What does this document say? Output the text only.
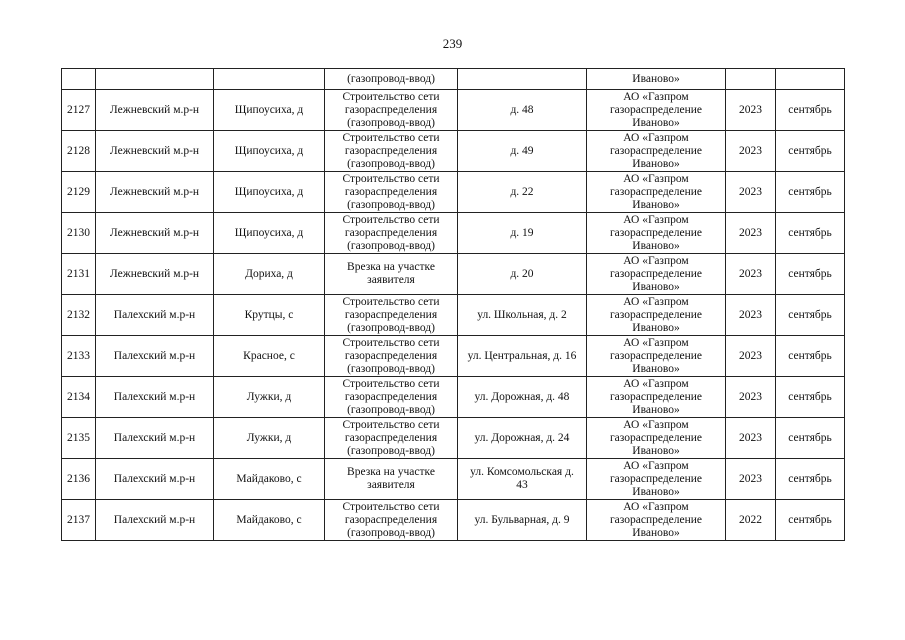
239
			(газопровод-ввод)		Иваново»		
2127	Лежневский м.р-н	Щипоусиха, д	Строительство сети
газораспределения
(газопровод-ввод)	д. 48	АО «Газпром
газораспределение
Иваново»	2023	сентябрь
2128	Лежневский м.р-н	Щипоусиха, д	Строительство сети
газораспределения
(газопровод-ввод)	д. 49	АО «Газпром
газораспределение
Иваново»	2023	сентябрь
2129	Лежневский м.р-н	Щипоусиха, д	Строительство сети
газораспределения
(газопровод-ввод)	д. 22	АО «Газпром
газораспределение
Иваново»	2023	сентябрь
2130	Лежневский м.р-н	Щипоусиха, д	Строительство сети
газораспределения
(газопровод-ввод)	д. 19	АО «Газпром
газораспределение
Иваново»	2023	сентябрь
2131	Лежневский м.р-н	Дориха, д	Врезка на участке
заявителя	д. 20	АО «Газпром
газораспределение
Иваново»	2023	сентябрь
2132	Палехский м.р-н	Крутцы, с	Строительство сети
газораспределения
(газопровод-ввод)	ул. Школьная, д. 2	АО «Газпром
газораспределение
Иваново»	2023	сентябрь
2133	Палехский м.р-н	Красное, с	Строительство сети
газораспределения
(газопровод-ввод)	ул. Центральная, д. 16	АО «Газпром
газораспределение
Иваново»	2023	сентябрь
2134	Палехский м.р-н	Лужки, д	Строительство сети
газораспределения
(газопровод-ввод)	ул. Дорожная, д. 48	АО «Газпром
газораспределение
Иваново»	2023	сентябрь
2135	Палехский м.р-н	Лужки, д	Строительство сети
газораспределения
(газопровод-ввод)	ул. Дорожная, д. 24	АО «Газпром
газораспределение
Иваново»	2023	сентябрь
2136	Палехский м.р-н	Майдаково, с	Врезка на участке
заявителя	ул. Комсомольская д.
43	АО «Газпром
газораспределение
Иваново»	2023	сентябрь
2137	Палехский м.р-н	Майдаково, с	Строительство сети
газораспределения
(газопровод-ввод)	ул. Бульварная, д. 9	АО «Газпром
газораспределение
Иваново»	2022	сентябрь
